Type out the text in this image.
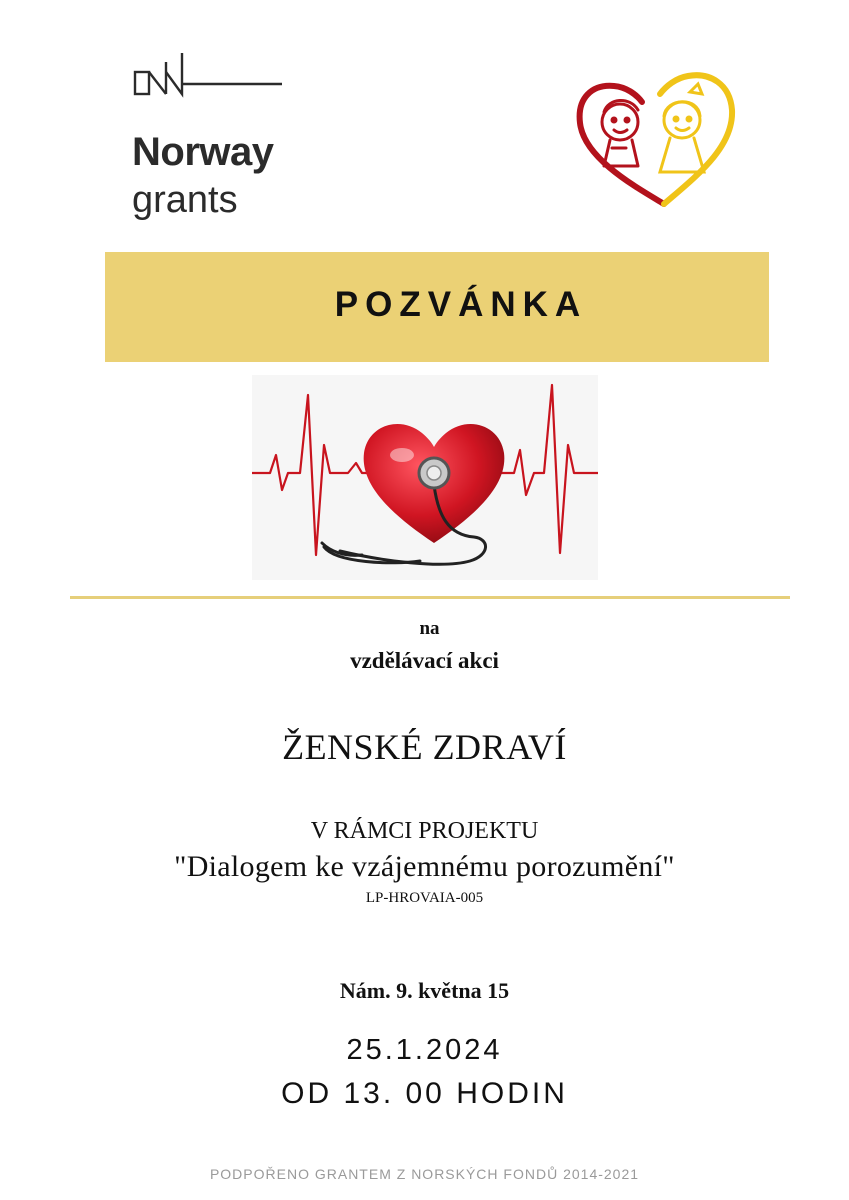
Norway
grants
POZVÁNKA
na
vzdělávací akci
ŽENSKÉ ZDRAVÍ
V RÁMCI PROJEKTU
"Dialogem ke vzájemnému porozumění"
LP-HROVAIA-005
Nám. 9. května 15
25.1.2024
OD 13. 00 HODIN
PODPOŘENO GRANTEM Z NORSKÝCH FONDŮ 2014-2021
